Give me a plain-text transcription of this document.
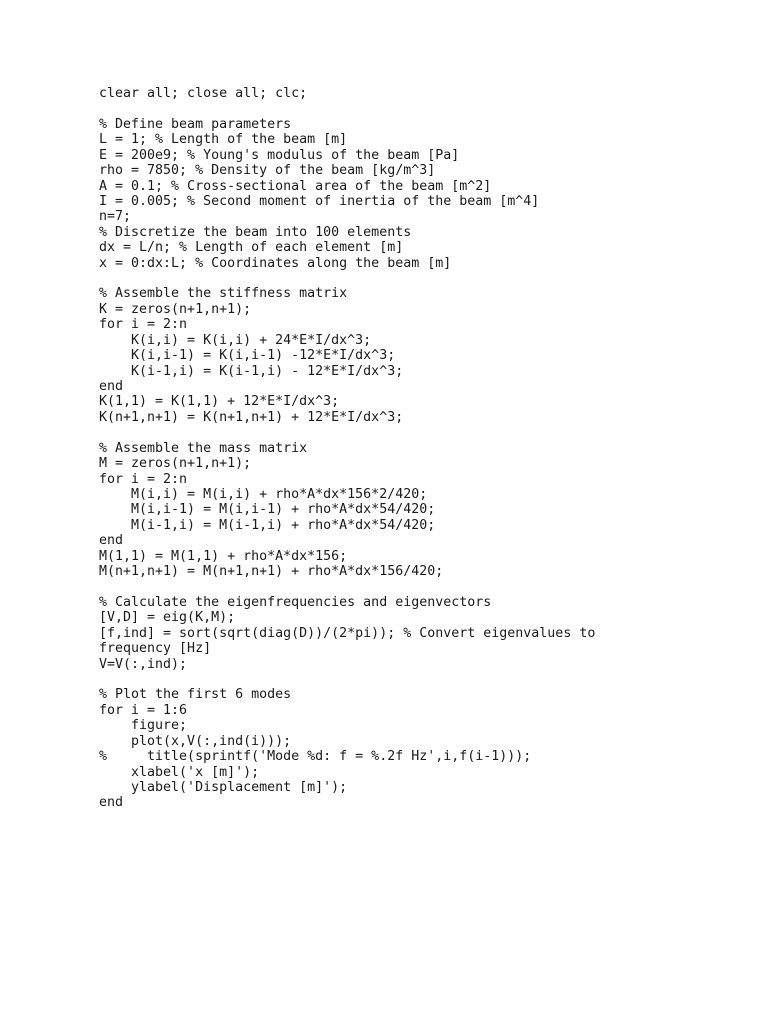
clear all; close all; clc;
% Define beam parameters
L = 1; % Length of the beam [m]
E = 200e9; % Young's modulus of the beam [Pa]
rho = 7850; % Density of the beam [kg/m^3]
A = 0.1; % Cross-sectional area of the beam [m^2]
I = 0.005; % Second moment of inertia of the beam [m^4]
n=7;
% Discretize the beam into 100 elements
dx = L/n; % Length of each element [m]
x = 0:dx:L; % Coordinates along the beam [m]
% Assemble the stiffness matrix
K = zeros(n+1,n+1);
for i = 2:n
K(i,i) = K(i,i) + 24*E*I/dx^3;
K(i,i-1) = K(i,i-1) -12*E*I/dx^3;
K(i-1,i) = K(i-1,i) - 12*E*I/dx^3;
end
K(1,1) = K(1,1) + 12*E*I/dx^3;
K(n+1,n+1) = K(n+1,n+1) + 12*E*I/dx^3;
% Assemble the mass matrix
M = zeros(n+1,n+1);
for i = 2:n
M(i,i) = M(i,i) + rho*A*dx*156*2/420;
M(i,i-1) = M(i,i-1) + rho*A*dx*54/420;
M(i-1,i) = M(i-1,i) + rho*A*dx*54/420;
end
M(1,1) = M(1,1) + rho*A*dx*156;
M(n+1,n+1) = M(n+1,n+1) + rho*A*dx*156/420;
% Calculate the eigenfrequencies and eigenvectors
[V,D] = eig(K,M);
[f,ind] = sort(sqrt(diag(D))/(2*pi)); % Convert eigenvalues to
frequency [Hz]
V=V(:,ind);
% Plot the first 6 modes
for i = 1:6
figure;
plot(x,V(:,ind(i)));
%     title(sprintf('Mode %d: f = %.2f Hz',i,f(i-1)));
xlabel('x [m]');
ylabel('Displacement [m]');
end
